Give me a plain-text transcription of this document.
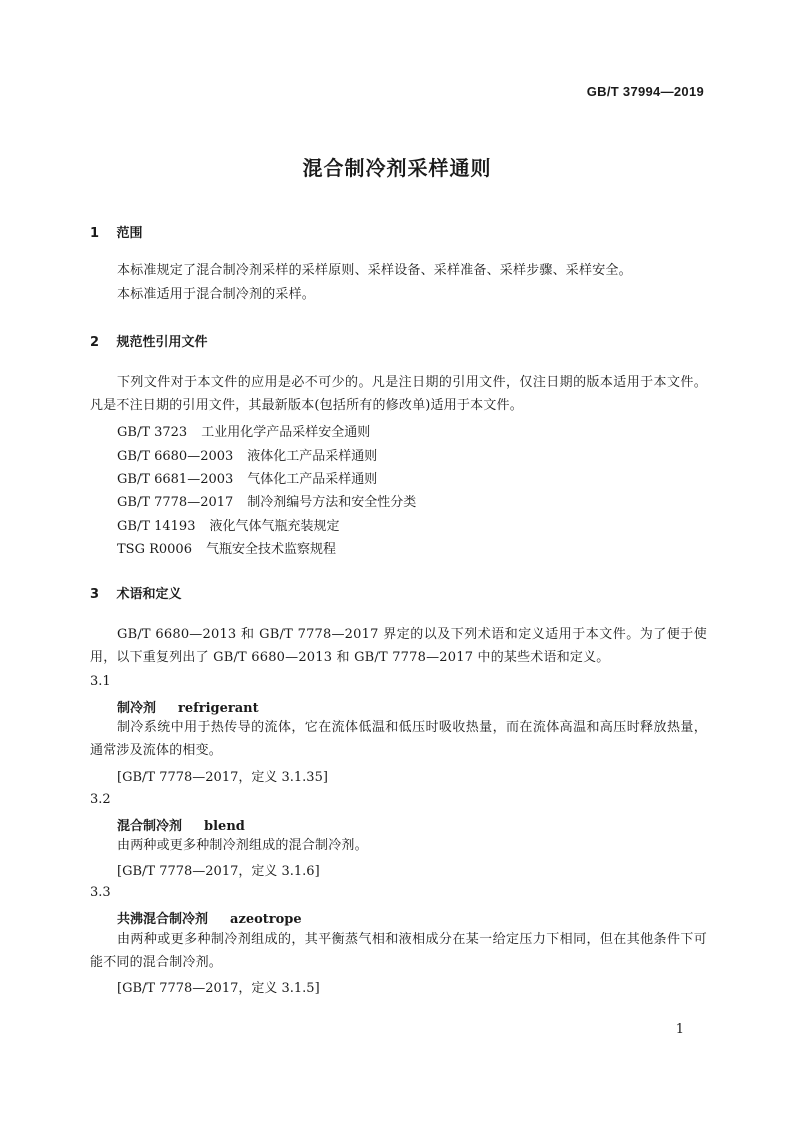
GB/T 37994—2019
混合制冷剂采样通则
1 范围
本标准规定了混合制冷剂采样的采样原则、采样设备、采样准备、采样步骤、采样安全。
本标准适用于混合制冷剂的采样。
2 规范性引用文件
下列文件对于本文件的应用是必不可少的。凡是注日期的引用文件，仅注日期的版本适用于本文件。凡是不注日期的引用文件，其最新版本(包括所有的修改单)适用于本文件。
GB/T 3723 工业用化学产品采样安全通则
GB/T 6680—2003 液体化工产品采样通则
GB/T 6681—2003 气体化工产品采样通则
GB/T 7778—2017 制冷剂编号方法和安全性分类
GB/T 14193 液化气体气瓶充装规定
TSG R0006 气瓶安全技术监察规程
3 术语和定义
GB/T 6680—2013 和 GB/T 7778—2017 界定的以及下列术语和定义适用于本文件。为了便于使用，以下重复列出了 GB/T 6680—2013 和 GB/T 7778—2017 中的某些术语和定义。
3.1
制冷剂 refrigerant
制冷系统中用于热传导的流体，它在流体低温和低压时吸收热量，而在流体高温和高压时释放热量，通常涉及流体的相变。
[GB/T 7778—2017，定义 3.1.35]
3.2
混合制冷剂 blend
由两种或更多种制冷剂组成的混合制冷剂。
[GB/T 7778—2017，定义 3.1.6]
3.3
共沸混合制冷剂 azeotrope
由两种或更多种制冷剂组成的，其平衡蒸气相和液相成分在某一给定压力下相同，但在其他条件下可能不同的混合制冷剂。
[GB/T 7778—2017，定义 3.1.5]
1
